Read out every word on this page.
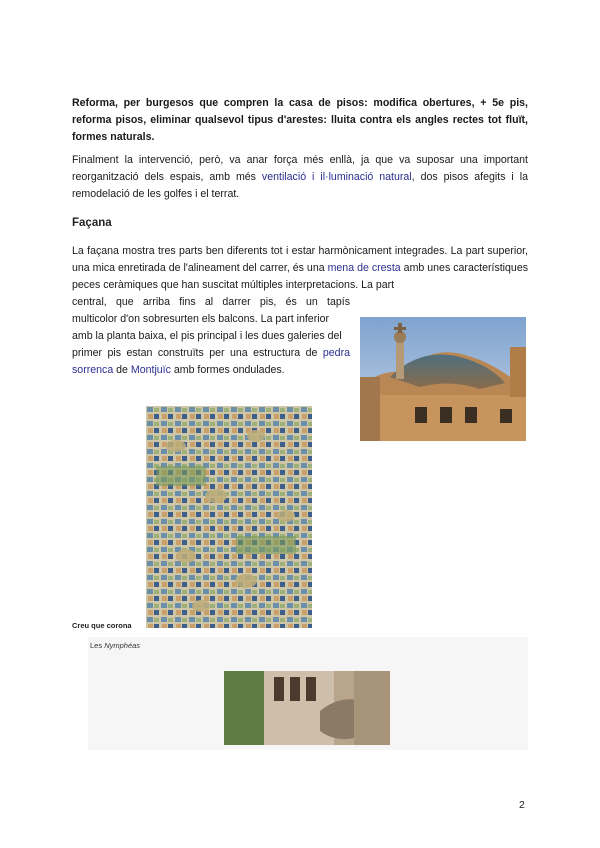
Reforma, per burgesos que compren la casa de pisos: modifica obertures, + 5e pis, reforma pisos, eliminar qualsevol tipus d'arestes: lluita contra els angles rectes tot fluït, formes naturals.
Finalment la intervenció, però, va anar força més enllà, ja que va suposar una important reorganització dels espais, amb més ventilació i il·luminació natural, dos pisos afegits i la remodelació de les golfes i el terrat.
Façana
La façana mostra tres parts ben diferents tot i estar harmònicament integrades. La part superior, una mica enretirada de l'alineament del carrer, és una mena de cresta amb unes característiques peces ceràmiques que han suscitat múltiples interpretacions. La part
central, que arriba fins al darrer pis, és un tapís
multicolor d'on sobresurten els balcons. La part inferior
amb la planta baixa, el pis principal i les dues galeries del
primer pis estan construïts per una estructura de pedra
sorrenca de Montjuïc amb formes ondulades.
Creu que corona
Les Nymphéas
2
